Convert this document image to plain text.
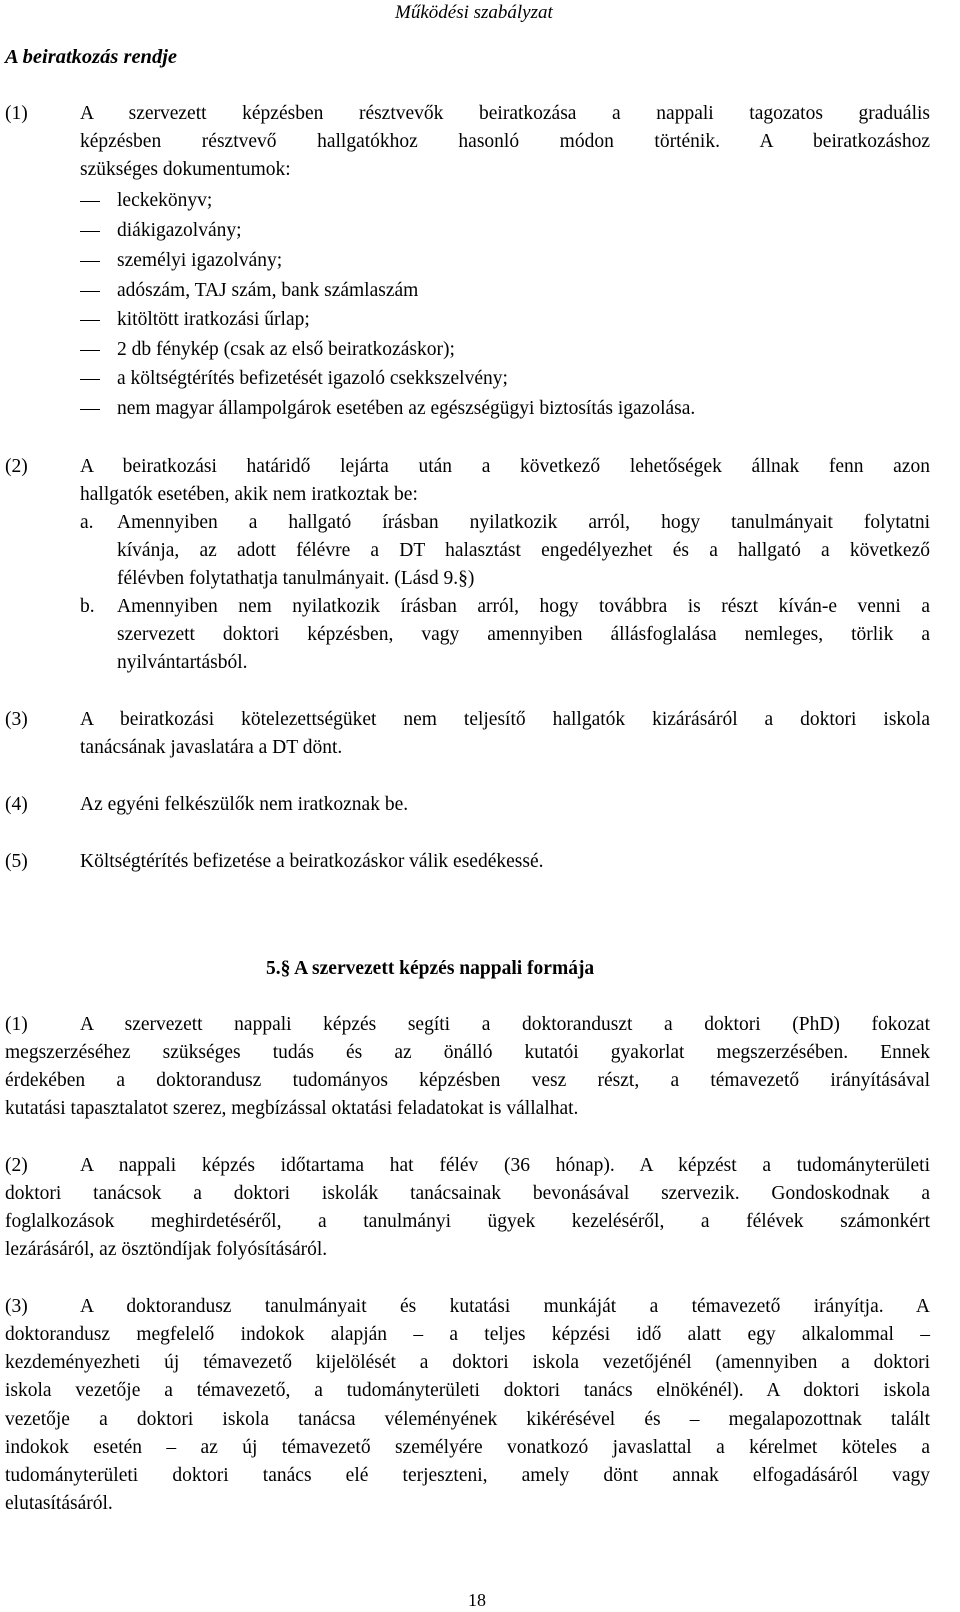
Működési szabályzat
A beiratkozás rendje
(1)	A szervezett képzésben résztvevők beiratkozása a nappali tagozatos graduális
képzésben résztvevő hallgatókhoz hasonló módon történik. A beiratkozáshoz
szükséges dokumentumok:
leckekönyv;
diákigazolvány;
személyi igazolvány;
adószám, TAJ szám, bank számlaszám
kitöltött iratkozási űrlap;
2 db fénykép (csak az első beiratkozáskor);
a költségtérítés befizetését igazoló csekkszelvény;
nem magyar állampolgárok esetében az egészségügyi biztosítás igazolása.
(2)	A beiratkozási határidő lejárta után a következő lehetőségek állnak fenn azon
hallgatók esetében, akik nem iratkoztak be:
a. Amennyiben a hallgató írásban nyilatkozik arról, hogy tanulmányait folytatni
kívánja, az adott félévre a DT halasztást engedélyezhet és a hallgató a következő
félévben folytathatja tanulmányait. (Lásd 9.§)
b. Amennyiben nem nyilatkozik írásban arról, hogy továbbra is részt kíván-e venni a
szervezett doktori képzésben, vagy amennyiben állásfoglalása nemleges, törlik a
nyilvántartásból.
(3)	A beiratkozási kötelezettségüket nem teljesítő hallgatók kizárásáról a doktori iskola
tanácsának javaslatára a DT dönt.
(4)	Az egyéni felkészülők nem iratkoznak be.
(5)	Költségtérítés befizetése a beiratkozáskor válik esedékessé.
5.§ A szervezett képzés nappali formája
(1)	A szervezett nappali képzés segíti a doktoranduszt a doktori (PhD) fokozat
megszerzéséhez szükséges tudás és az önálló kutatói gyakorlat megszerzésében. Ennek
érdekében a doktorandusz tudományos képzésben vesz részt, a témavezető irányításával
kutatási tapasztalatot szerez, megbízással oktatási feladatokat is vállalhat.
(2)	A nappali képzés időtartama hat félév (36 hónap). A képzést a tudományterületi
doktori tanácsok a doktori iskolák tanácsainak bevonásával szervezik. Gondoskodnak a
foglalkozások meghirdetéséről, a tanulmányi ügyek kezeléséről, a félévek számonkért
lezárásáról, az ösztöndíjak folyósításáról.
(3)	A doktorandusz tanulmányait és kutatási munkáját a témavezető irányítja. A
doktorandusz megfelelő indokok alapján – a teljes képzési idő alatt egy alkalommal –
kezdeményezheti új témavezető kijelölését a doktori iskola vezetőjénél (amennyiben a doktori
iskola vezetője a témavezető, a tudományterületi doktori tanács elnökénél). A doktori iskola
vezetője a doktori iskola tanácsa véleményének kikérésével és – megalapozottnak talált
indokok esetén – az új témavezető személyére vonatkozó javaslattal a kérelmet köteles a
tudományterületi doktori tanács elé terjeszteni, amely dönt annak elfogadásáról vagy
elutasításáról.
18
